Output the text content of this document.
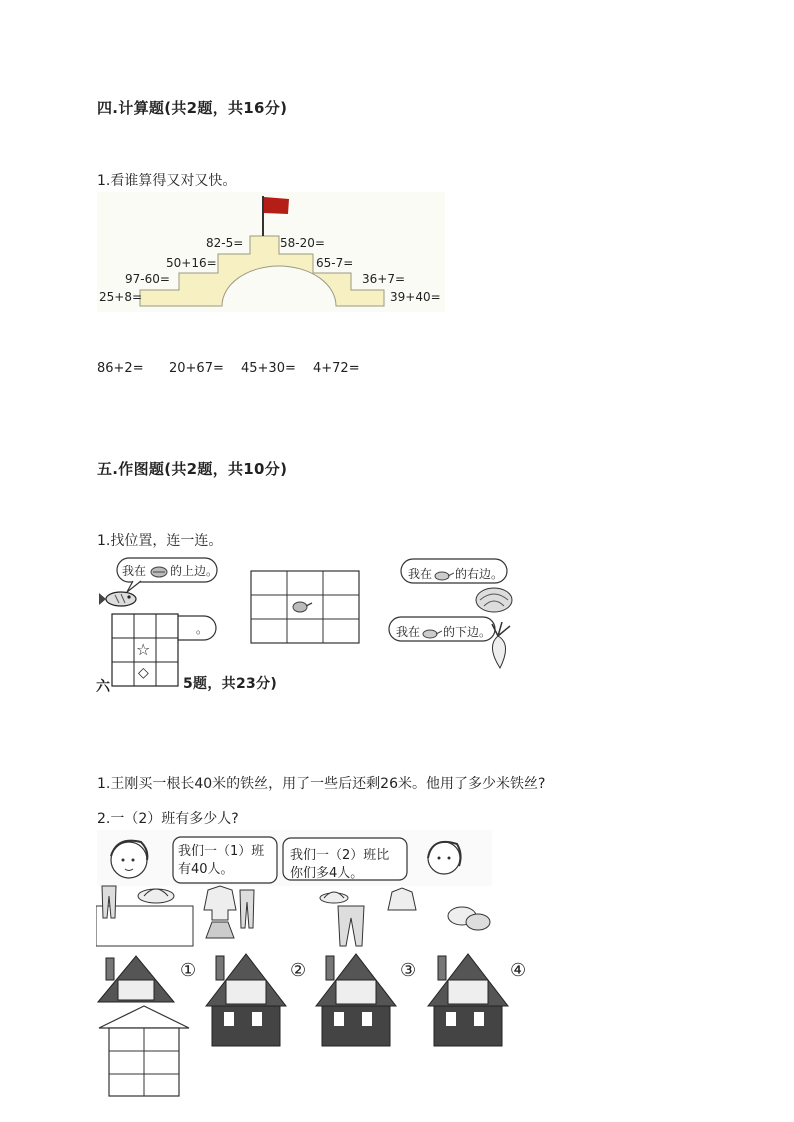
四.计算题(共2题，共16分)
1.看谁算得又对又快。
82-5=
50+16=
97-60=
25+8=
58-20=
65-7=
36+7=
39+40=
86+2= 20+67= 45+30= 4+72=
五.作图题(共2题，共10分)
1.找位置，连一连。
我在 的上边。
。
☆
◇
我在 的右边。
我在 的下边。
六	5题，共23分)
1.王刚买一根长40米的铁丝，用了一些后还剩26米。他用了多少米铁丝?
2.一（2）班有多少人?
我们一（1）班
有40人。
我们一（2）班比
你们多4人。
①	②	③	④
